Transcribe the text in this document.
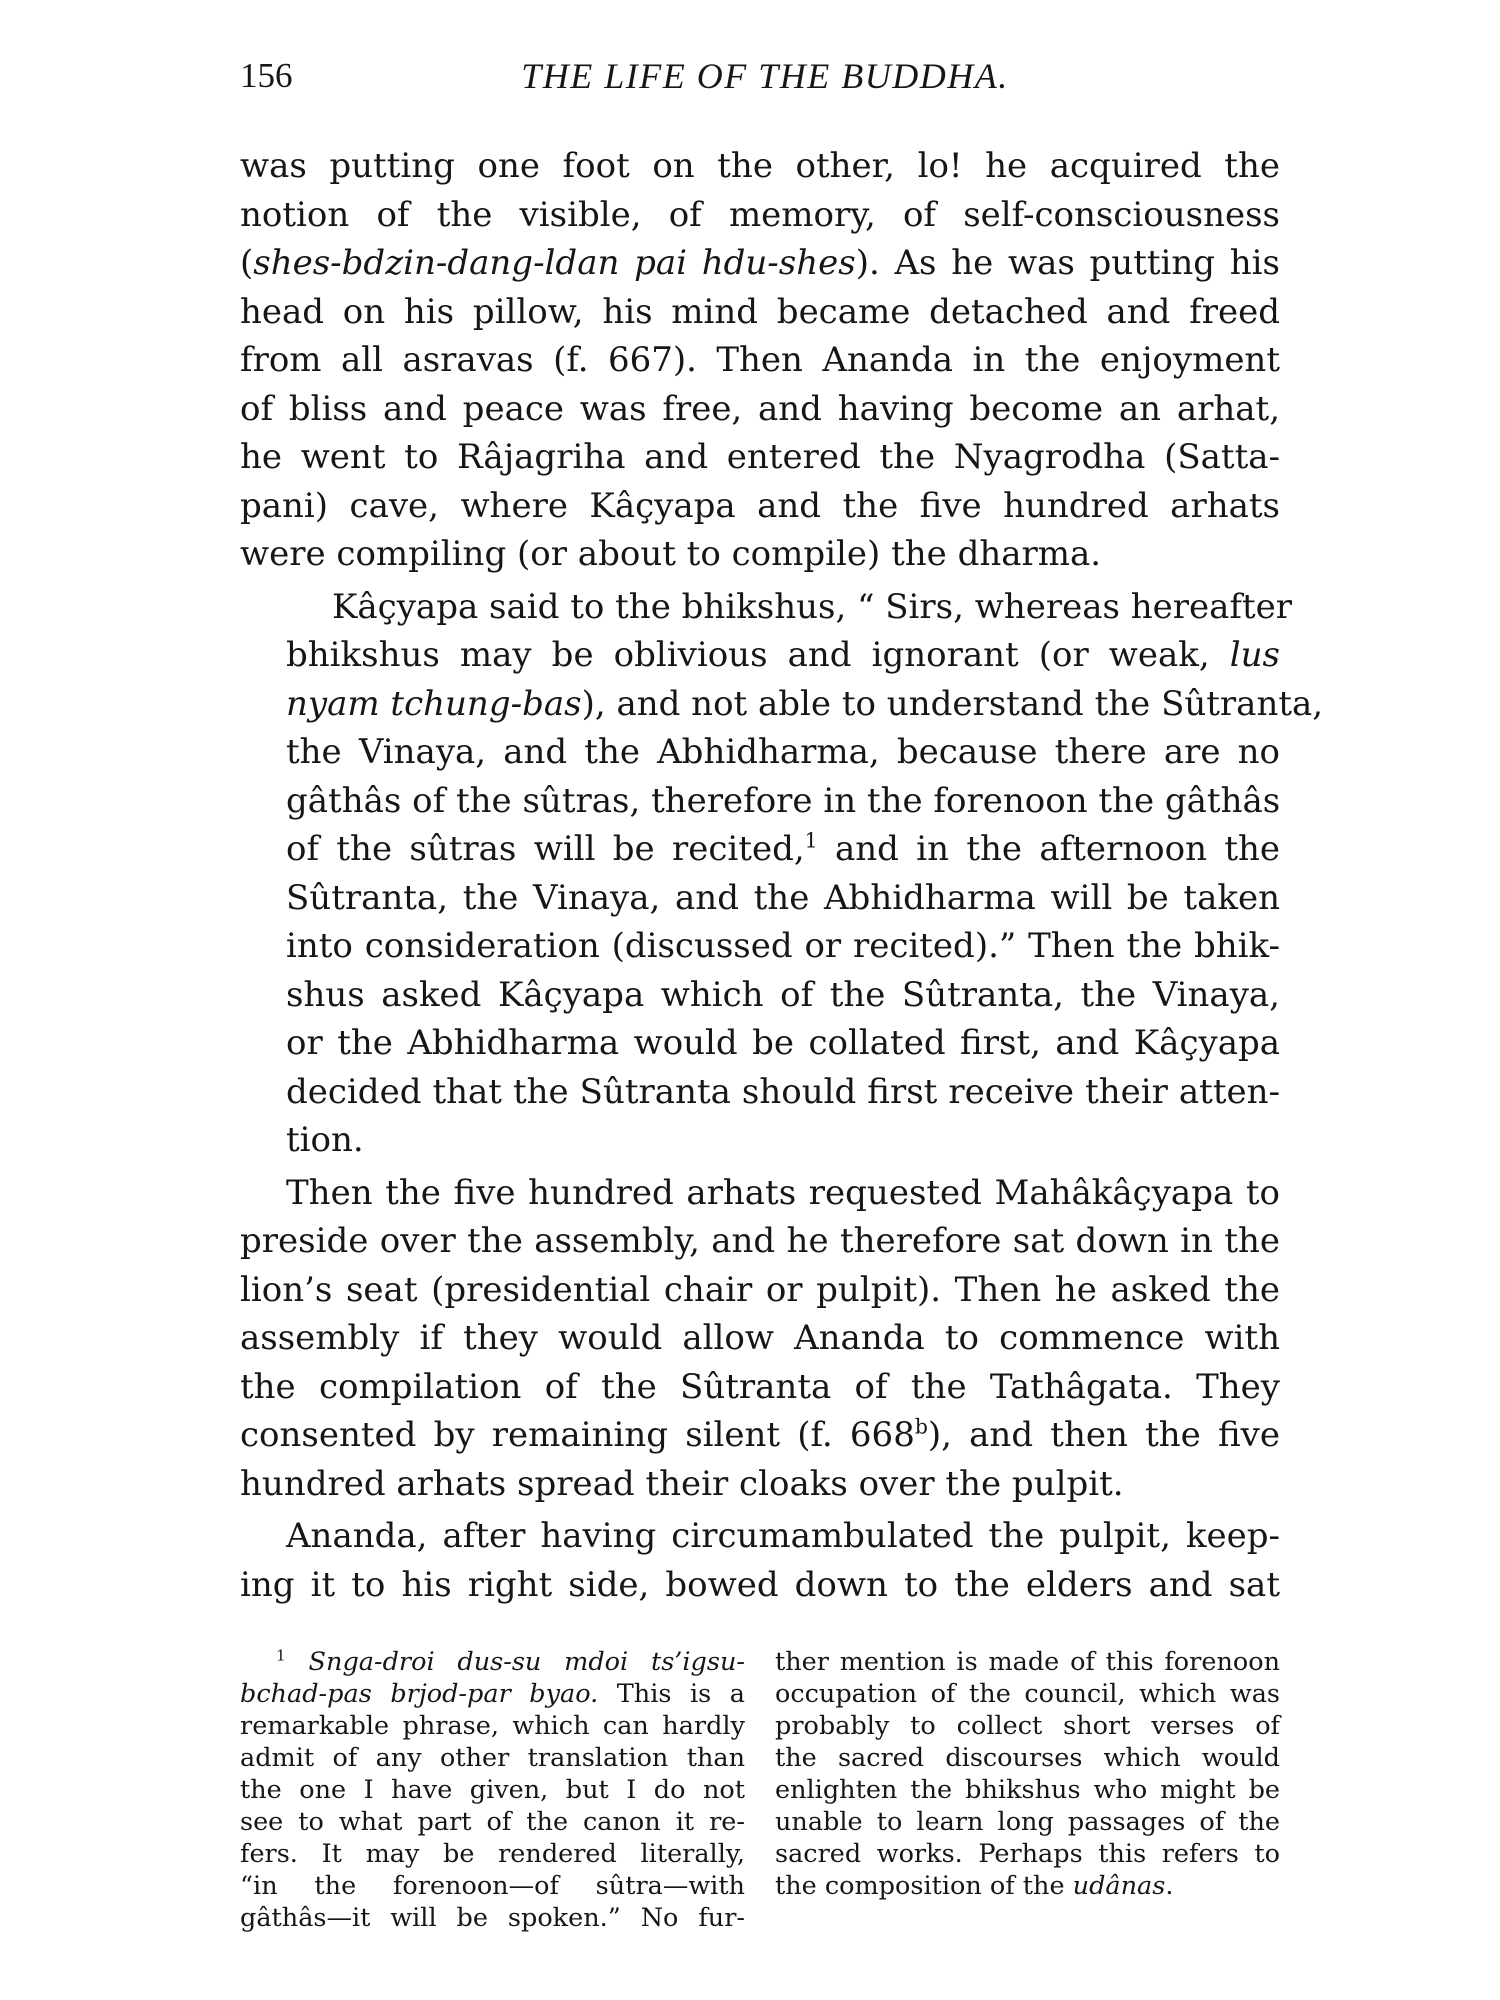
156	THE LIFE OF THE BUDDHA.

was putting one foot on the other, lo! he acquired the
notion of the visible, of memory, of self-consciousness
(shes-bdzin-dang-ldan pai hdu-shes). As he was putting his
head on his pillow, his mind became detached and freed
from all asravas (f. 667). Then Ananda in the enjoyment
of bliss and peace was free, and having become an arhat,
he went to Râjagriha and entered the Nyagrodha (Satta-
pani) cave, where Kâçyapa and the five hundred arhats
were compiling (or about to compile) the dharma.

Kâçyapa said to the bhikshus, “ Sirs, whereas hereafter
bhikshus may be oblivious and ignorant (or weak, lus
nyam tchung-bas), and not able to understand the Sûtranta,
the Vinaya, and the Abhidharma, because there are no
gâthâs of the sûtras, therefore in the forenoon the gâthâs
of the sûtras will be recited,$^1$ and in the afternoon the
Sûtranta, the Vinaya, and the Abhidharma will be taken
into consideration (discussed or recited).” Then the bhik-
shus asked Kâçyapa which of the Sûtranta, the Vinaya,
or the Abhidharma would be collated first, and Kâçyapa
decided that the Sûtranta should first receive their atten-
tion.

Then the five hundred arhats requested Mahâkâçyapa to
preside over the assembly, and he therefore sat down in the
lion’s seat (presidential chair or pulpit). Then he asked the
assembly if they would allow Ananda to commence with
the compilation of the Sûtranta of the Tathâgata. They
consented by remaining silent (f. 668$^b$), and then the five
hundred arhats spread their cloaks over the pulpit.

Ananda, after having circumambulated the pulpit, keep-
ing it to his right side, bowed down to the elders and sat

$^1$ Snga-droi dus-su mdoi ts’igsu-
bchad-pas brjod-par byao. This is a
remarkable phrase, which can hardly
admit of any other translation than
the one I have given, but I do not
see to what part of the canon it re-
fers. It may be rendered literally,
“in the forenoon—of sûtra—with
gâthâs—it will be spoken.” No fur-
ther mention is made of this forenoon
occupation of the council, which was
probably to collect short verses of
the sacred discourses which would
enlighten the bhikshus who might be
unable to learn long passages of the
sacred works. Perhaps this refers to
the composition of the udânas.
